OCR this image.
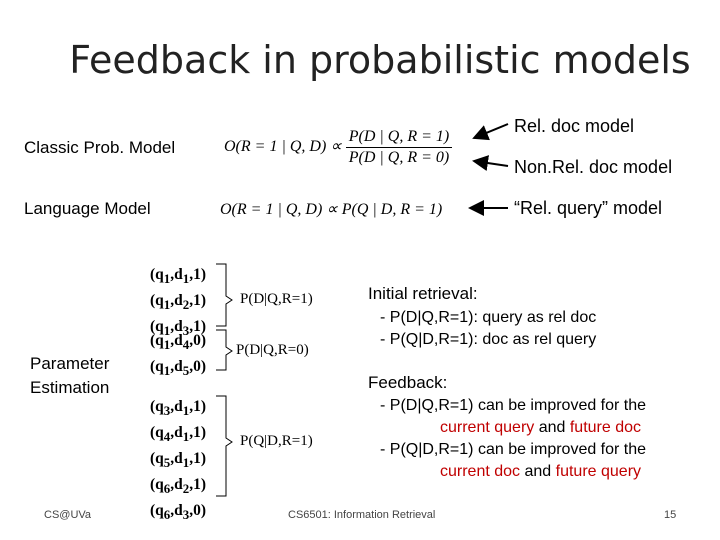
Feedback in probabilistic models
Classic Prob. Model
Language Model
Parameter
Estimation
O(R = 1 | Q, $D) \propto \frac{P(D | Q, R = 1)}{P(D | Q, R = 0)}$
O(R = 1 | Q, D) ∝ P(Q | D, R = 1)
Rel. doc model
Non.Rel. doc model
“Rel. query” model
$(q_1,d_1,1)$
$(q_1,d_2,1)$
$(q_1,d_3,1)$
P(D|Q,R=1)
$(q_1,d_4,0)$
$(q_1,d_5,0)$
P(D|Q,R=0)
$(q_3,d_1,1)$
$(q_4,d_1,1)$
$(q_5,d_1,1)$
$(q_6,d_2,1)$
$(q_6,d_3,0)$
P(Q|D,R=1)
Initial retrieval:
- P(D|Q,R=1): query as rel doc
- P(Q|D,R=1): doc as rel query
Feedback:
- P(D|Q,R=1) can be improved for the
current query and future doc
- P(Q|D,R=1) can be improved for the
current doc and future query
CS@UVa	CS6501: Information Retrieval	15
